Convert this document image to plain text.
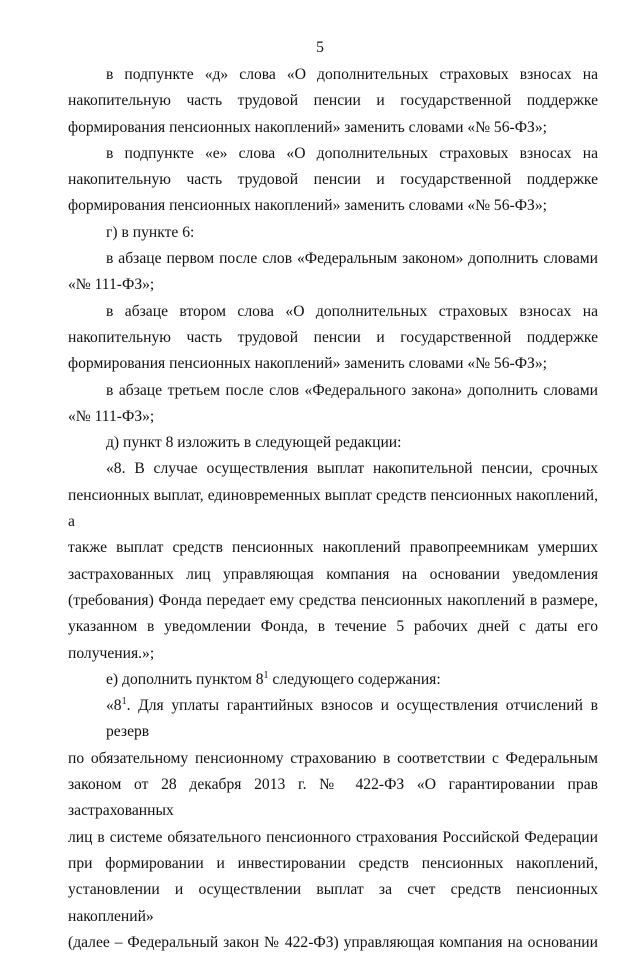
5
в подпункте «д» слова «О дополнительных страховых взносах на
накопительную часть трудовой пенсии и государственной поддержке
формирования пенсионных накоплений» заменить словами «№ 56-ФЗ»;
в подпункте «е» слова «О дополнительных страховых взносах на
накопительную часть трудовой пенсии и государственной поддержке
формирования пенсионных накоплений» заменить словами «№ 56-ФЗ»;
г) в пункте 6:
в абзаце первом после слов «Федеральным законом» дополнить словами
«№ 111-ФЗ»;
в абзаце втором слова «О дополнительных страховых взносах на
накопительную часть трудовой пенсии и государственной поддержке
формирования пенсионных накоплений» заменить словами «№ 56-ФЗ»;
в абзаце третьем после слов «Федерального закона» дополнить словами
«№ 111-ФЗ»;
д) пункт 8 изложить в следующей редакции:
«8. В случае осуществления выплат накопительной пенсии, срочных
пенсионных выплат, единовременных выплат средств пенсионных накоплений, а
также выплат средств пенсионных накоплений правопреемникам умерших
застрахованных лиц управляющая компания на основании уведомления
(требования) Фонда передает ему средства пенсионных накоплений в размере,
указанном в уведомлении Фонда, в течение 5 рабочих дней с даты его
получения.»;
е) дополнить пунктом $8^1$ следующего содержания:
«$8^1$. Для уплаты гарантийных взносов и осуществления отчислений в резерв
по обязательному пенсионному страхованию в соответствии с Федеральным
законом от 28 декабря 2013 г. № 422-ФЗ «О гарантировании прав застрахованных
лиц в системе обязательного пенсионного страхования Российской Федерации
при формировании и инвестировании средств пенсионных накоплений,
установлении и осуществлении выплат за счет средств пенсионных накоплений»
(далее – Федеральный закон № 422-ФЗ) управляющая компания на основании
